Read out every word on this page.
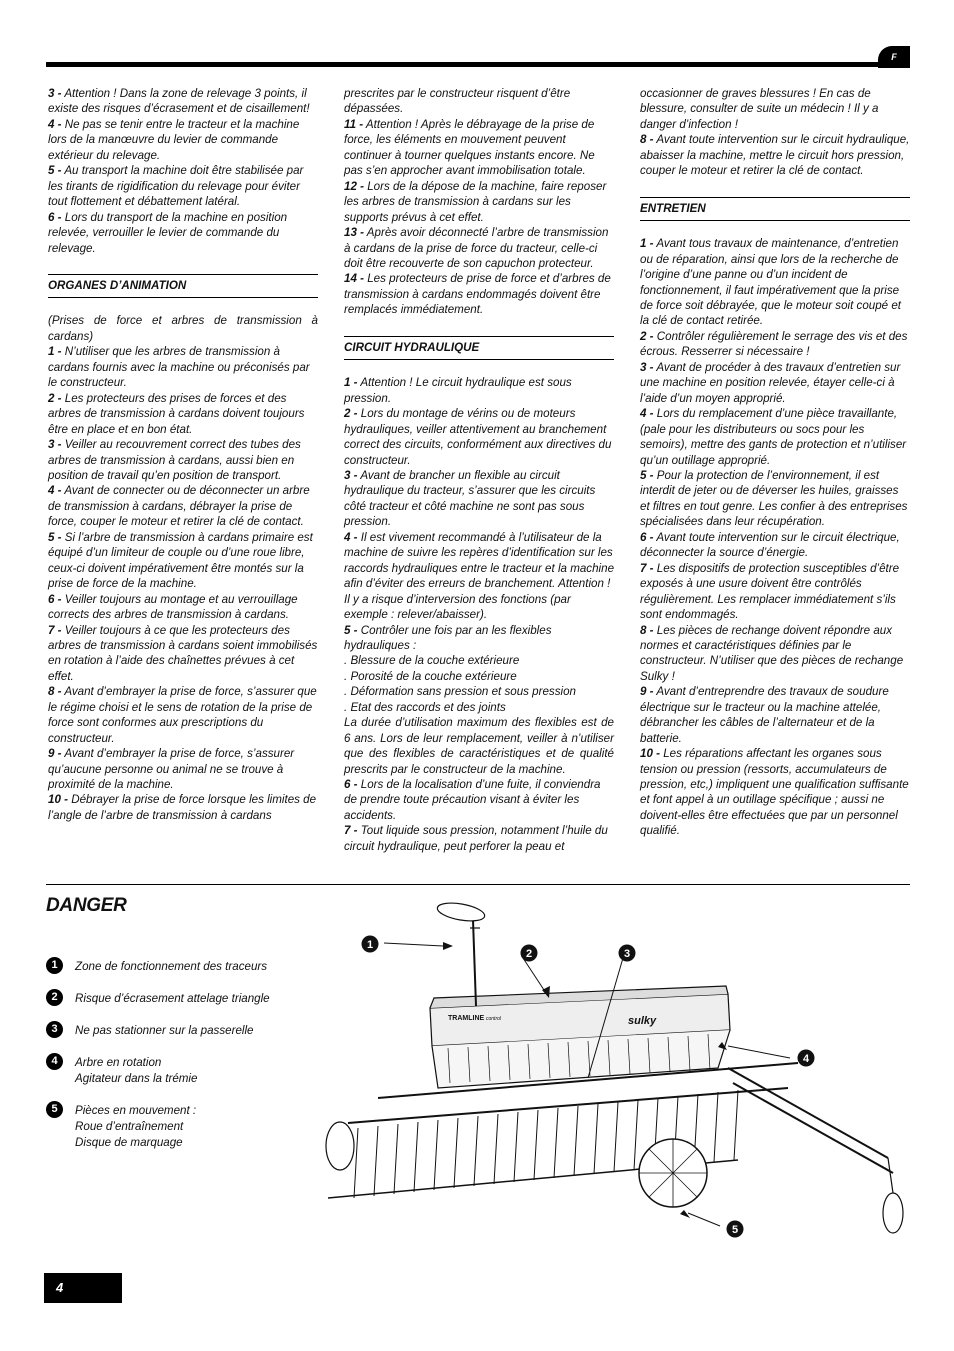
F

3 - Attention ! Dans la zone de relevage 3 points, il existe des risques d’écrasement et de cisaillement!

4 - Ne pas se tenir entre le tracteur et la machine lors de la manœuvre du levier de commande extérieur du relevage.

5 - Au transport la machine doit être stabilisée par les tirants de rigidification du relevage pour éviter tout flottement et débattement latéral.

6 - Lors du transport de la machine en position relevée, verrouiller le levier de commande du relevage.

ORGANES D’ANIMATION

(Prises de force et arbres de transmission à cardans)

1 - N’utiliser que les arbres de transmission à cardans fournis avec la machine ou préconisés par le constructeur.

2 - Les protecteurs des prises de forces et des arbres de transmission à cardans doivent toujours être en place et en bon état.

3 - Veiller au recouvrement correct des tubes des arbres de transmission à cardans, aussi bien en position de travail qu’en position de transport.

4 - Avant de connecter ou de déconnecter un arbre de transmission à cardans, débrayer la prise de force, couper le moteur et retirer la clé de contact.

5 - Si l’arbre de transmission à cardans primaire est équipé d’un limiteur de couple ou d’une roue libre, ceux-ci doivent impérativement être montés sur la prise de force de la machine.

6 - Veiller toujours au montage et au verrouillage corrects des arbres de transmission à cardans.

7 - Veiller toujours à ce que les protecteurs des arbres de transmission à cardans soient immobilisés en rotation à l’aide des chaînettes prévues à cet effet.

8 - Avant d’embrayer la prise de force, s’assurer que le régime choisi et le sens de rotation de la prise de force sont conformes aux prescriptions du constructeur.

9 - Avant d’embrayer la prise de force, s’assurer qu’aucune personne ou animal ne se trouve à proximité de la machine.

10 - Débrayer la prise de force lorsque les limites de l’angle de l’arbre de transmission à cardans

prescrites par le constructeur risquent d’être dépassées.

11 - Attention ! Après le débrayage de la prise de force, les éléments en mouvement peuvent continuer à tourner quelques instants encore. Ne pas s’en approcher avant immobilisation totale.

12 - Lors de la dépose de la machine, faire reposer les arbres de transmission à cardans sur les supports prévus à cet effet.

13 - Après avoir déconnecté l’arbre de transmission à cardans de la prise de force du tracteur, celle-ci doit être recouverte de son capuchon protecteur.

14 - Les protecteurs de prise de force et d’arbres de transmission à cardans endommagés doivent être remplacés immédiatement.

CIRCUIT HYDRAULIQUE

1 - Attention ! Le circuit hydraulique est sous pression.

2 - Lors du montage de vérins ou de moteurs hydrauliques, veiller attentivement au branchement correct des circuits, conformément aux directives du constructeur.

3 - Avant de brancher un flexible au circuit hydraulique du tracteur, s’assurer que les circuits côté tracteur et côté machine ne sont pas sous pression.

4 - Il est vivement recommandé à l’utilisateur de la machine de suivre les repères d’identification sur les raccords hydrauliques entre le tracteur et la machine afin d’éviter des erreurs de branchement. Attention ! Il y a risque d’interversion des fonctions (par exemple : relever/abaisser).

5 - Contrôler une fois par an les flexibles hydrauliques :

. Blessure de la couche extérieure

. Porosité de la couche extérieure

. Déformation sans pression et sous pression

. Etat des raccords et des joints

La durée d’utilisation maximum des flexibles est de 6 ans. Lors de leur remplacement, veiller à n’utiliser que des flexibles de caractéristiques et de qualité prescrits par le constructeur de la machine.

6 - Lors de la localisation d’une fuite, il conviendra de prendre toute précaution visant à éviter les accidents.

7 - Tout liquide sous pression, notamment l’huile du circuit hydraulique, peut perforer la peau et

occasionner de graves blessures ! En cas de blessure, consulter de suite un médecin ! Il y a danger d’infection !

8 - Avant toute intervention sur le circuit hydraulique, abaisser la machine, mettre le circuit hors pression, couper le moteur et retirer la clé de contact.

ENTRETIEN

1 - Avant tous travaux de maintenance, d’entretien ou de réparation, ainsi que lors de la recherche de l’origine d’une panne ou d’un incident de fonctionnement, il faut impérativement que la prise de force soit débrayée, que le moteur soit coupé et la clé de contact retirée.

2 - Contrôler régulièrement le serrage des vis et des écrous. Resserrer si nécessaire !

3 - Avant de procéder à des travaux d’entretien sur une machine en position relevée, étayer celle-ci à l’aide d’un moyen approprié.

4 - Lors du remplacement d’une pièce travaillante, (pale pour les distributeurs ou socs pour les semoirs), mettre des gants de protection et n’utiliser qu’un outillage approprié.

5 - Pour la protection de l’environnement, il est interdit de jeter ou de déverser les huiles, graisses et filtres en tout genre. Les confier à des entreprises spécialisées dans leur récupération.

6 - Avant toute intervention sur le circuit électrique, déconnecter la source d’énergie.

7 - Les dispositifs de protection susceptibles d’être exposés à une usure doivent être contrôlés régulièrement. Les remplacer immédiatement s’ils sont endommagés.

8 - Les pièces de rechange doivent répondre aux normes et caractéristiques définies par le constructeur. N’utiliser que des pièces de rechange Sulky !

9 - Avant d’entreprendre des travaux de soudure électrique sur le tracteur ou la machine attelée, débrancher les câbles de l’alternateur et de la batterie.

10 - Les réparations affectant les organes sous tension ou pression (ressorts, accumulateurs de pression, etc,) impliquent une qualification suffisante et font appel à un outillage spécifique ; aussi ne doivent-elles être effectuées que par un personnel qualifié.

DANGER
1	Zone de fonctionnement des traceurs
2	Risque d’écrasement attelage triangle
3	Ne pas stationner sur la passerelle
4	Arbre en rotation
Agitateur dans la trémie
5	Pièces en mouvement :
Roue d’entraînement
Disque de marquage
TRAMLINE control	sulky
1
2	3
4
5
4
